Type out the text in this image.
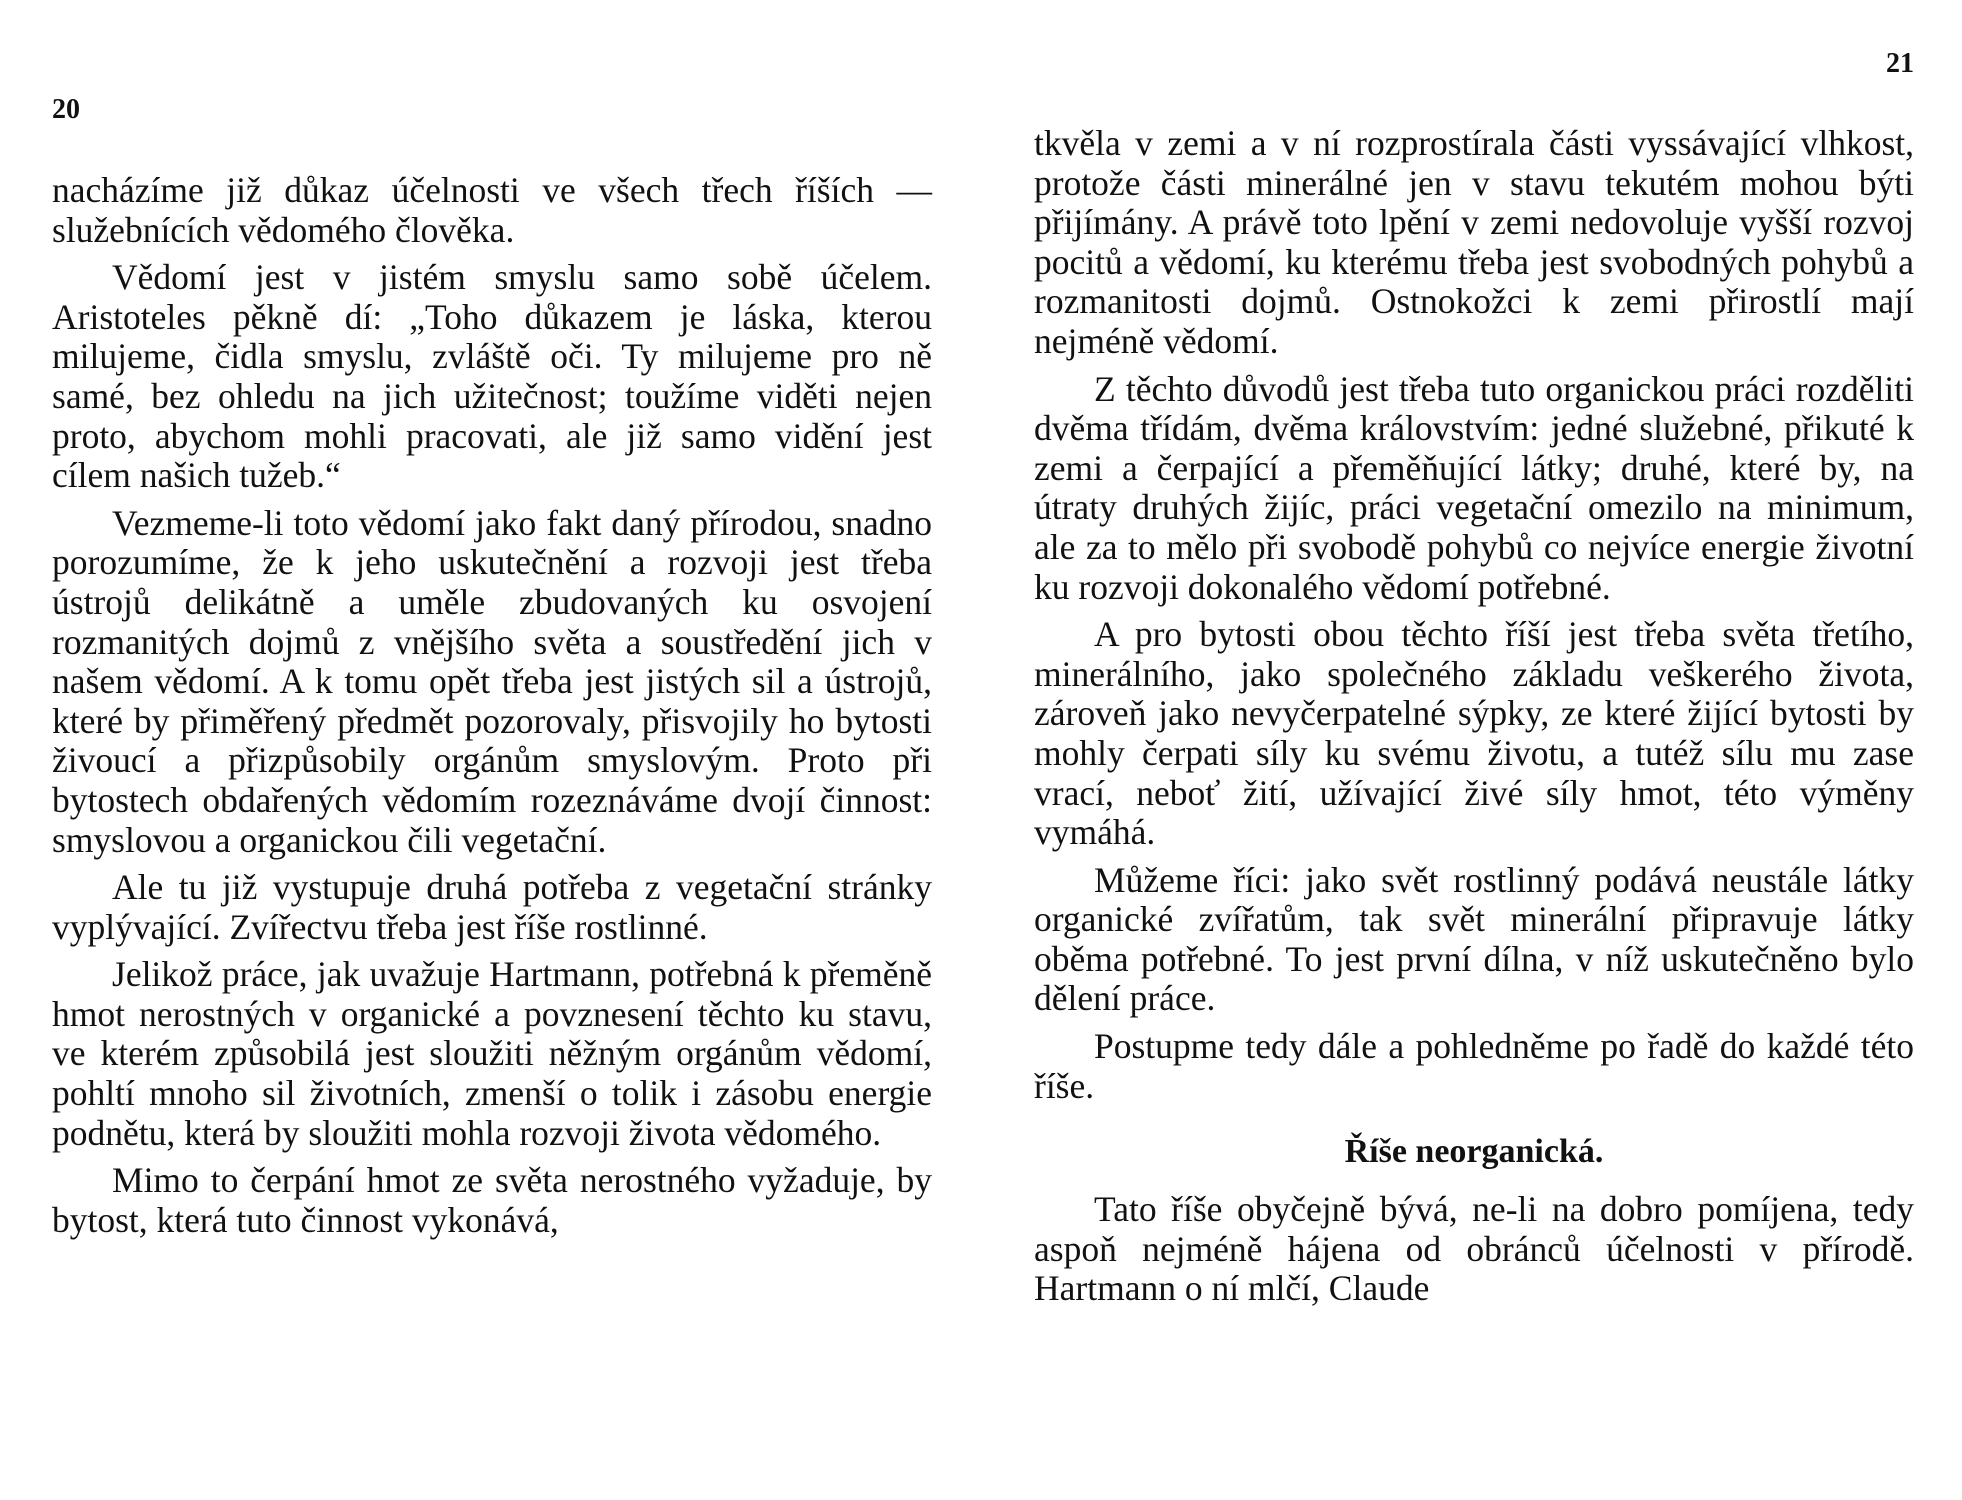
20

nacházíme již důkaz účelnosti ve všech třech říších — služebnících vědomého člověka.

Vědomí jest v jistém smyslu samo sobě účelem. Aristoteles pěkně dí: „Toho důkazem je láska, kterou milujeme, čidla smyslu, zvláště oči. Ty milujeme pro ně samé, bez ohledu na jich užitečnost; toužíme viděti nejen proto, abychom mohli pracovati, ale již samo vidění jest cílem našich tužeb.“

Vezmeme-li toto vědomí jako fakt daný přírodou, snadno porozumíme, že k jeho uskutečnění a rozvoji jest třeba ústrojů delikátně a uměle zbudovaných ku osvojení rozmanitých dojmů z vnějšího světa a soustředění jich v našem vědomí. A k tomu opět třeba jest jistých sil a ústrojů, které by přiměřený předmět pozorovaly, přisvojily ho bytosti živoucí a přizpůsobily orgánům smyslovým. Proto při bytostech obdařených vědomím rozeznáváme dvojí činnost: smyslovou a organickou čili vegetační.

Ale tu již vystupuje druhá potřeba z vegetační stránky vyplývající. Zvířectvu třeba jest říše rostlinné.

Jelikož práce, jak uvažuje Hartmann, potřebná k přeměně hmot nerostných v organické a povznesení těchto ku stavu, ve kterém způsobilá jest sloužiti něžným orgánům vědomí, pohltí mnoho sil životních, zmenší o tolik i zásobu energie podnětu, která by sloužiti mohla rozvoji života vědomého.

Mimo to čerpání hmot ze světa nerostného vyžaduje, by bytost, která tuto činnost vykonává,

21

tkvěla v zemi a v ní rozprostírala části vyssávající vlhkost, protože části minerálné jen v stavu tekutém mohou býti přijímány. A právě toto lpění v zemi nedovoluje vyšší rozvoj pocitů a vědomí, ku kterému třeba jest svobodných pohybů a rozmanitosti dojmů. Ostnokožci k zemi přirostlí mají nejméně vědomí.

Z těchto důvodů jest třeba tuto organickou práci rozděliti dvěma třídám, dvěma královstvím: jedné služebné, přikuté k zemi a čerpající a přeměňující látky; druhé, které by, na útraty druhých žijíc, práci vegetační omezilo na minimum, ale za to mělo při svobodě pohybů co nejvíce energie životní ku rozvoji dokonalého vědomí potřebné.

A pro bytosti obou těchto říší jest třeba světa třetího, minerálního, jako společného základu veškerého života, zároveň jako nevyčerpatelné sýpky, ze které žijící bytosti by mohly čerpati síly ku svému životu, a tutéž sílu mu zase vrací, neboť žití, užívající živé síly hmot, této výměny vymáhá.

Můžeme říci: jako svět rostlinný podává neustále látky organické zvířatům, tak svět minerální připravuje látky oběma potřebné. To jest první dílna, v níž uskutečněno bylo dělení práce.

Postupme tedy dále a pohledněme po řadě do každé této říše.

Říše neorganická.

Tato říše obyčejně bývá, ne-li na dobro pomíjena, tedy aspoň nejméně hájena od obránců účelnosti v přírodě. Hartmann o ní mlčí, Claude
